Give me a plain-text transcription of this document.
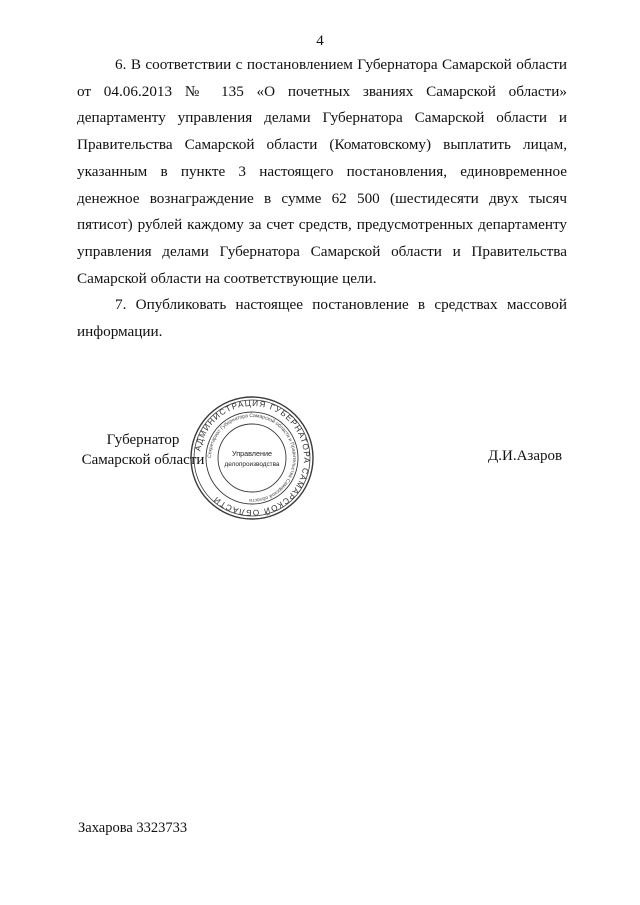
4

6. В соответствии с постановлением Губернатора Самарской области от 04.06.2013 № 135 «О почетных званиях Самарской области» департаменту управления делами Губернатора Самарской области и Правительства Самарской области (Коматовскому) выплатить лицам, указанным в пункте 3 настоящего постановления, единовременное денежное вознаграждение в сумме 62 500 (шестидесяти двух тысяч пятисот) рублей каждому за счет средств, предусмотренных департаменту управления делами Губернатора Самарской области и Правительства Самарской области на соответствующие цели.

7. Опубликовать настоящее постановление в средствах массовой информации.

Губернатор
Самарской области
АДМИНИСТРАЦИЯ ГУБЕРНАТОРА САМАРСКОЙ ОБЛАСТИ
Секретариат Губернатора Самарской области и Правительства Самарской области
Управление
делопроизводства
Д.И.Азаров
Захарова 3323733
